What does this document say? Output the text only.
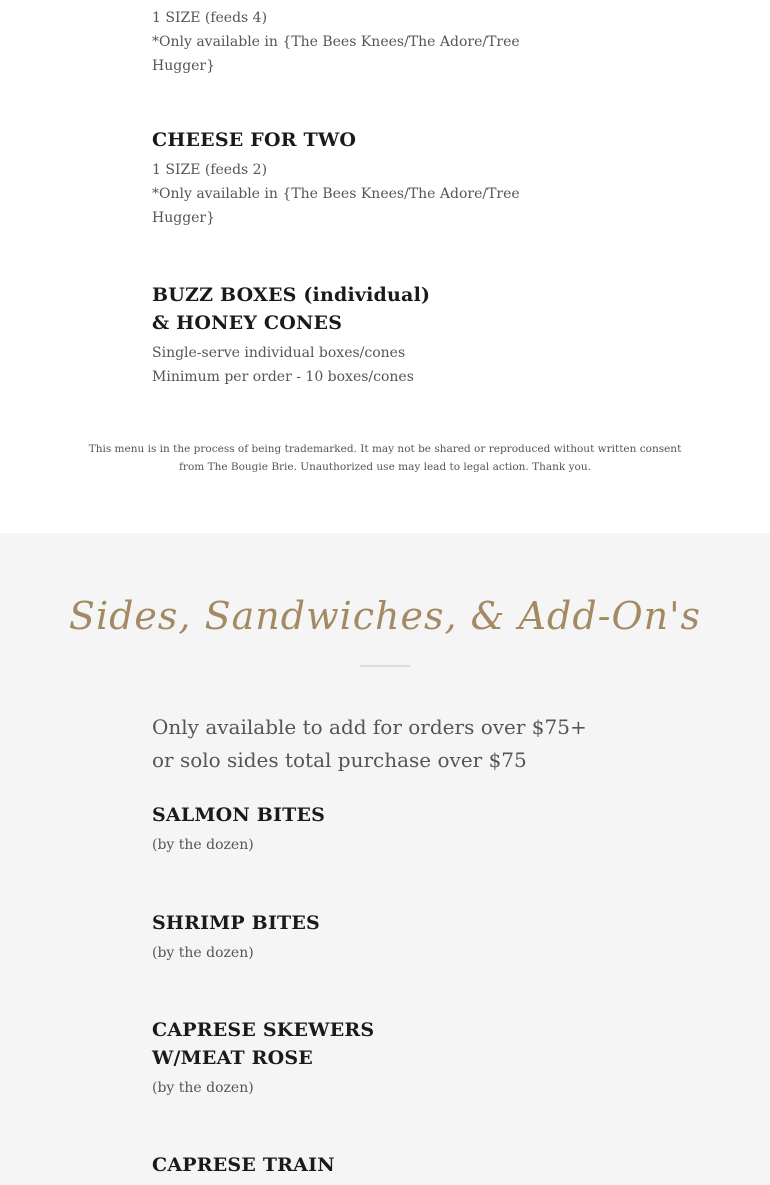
1 SIZE (feeds 4)

*Only available in {The Bees Knees/The Adore/Tree Hugger}

CHEESE FOR TWO

1 SIZE (feeds 2)

*Only available in {The Bees Knees/The Adore/Tree Hugger}

BUZZ BOXES (individual) & HONEY CONES

Single-serve individual boxes/cones

Minimum per order - 10 boxes/cones

This menu is in the process of being trademarked. It may not be shared or reproduced without written consent from The Bougie Brie. Unauthorized use may lead to legal action. Thank you.
Sides, Sandwiches, & Add-On's

Only available to add for orders over $75+ or solo sides total purchase over $75

SALMON BITES

(by the dozen)

SHRIMP BITES

(by the dozen)

CAPRESE SKEWERS W/MEAT ROSE

(by the dozen)

CAPRESE TRAIN
